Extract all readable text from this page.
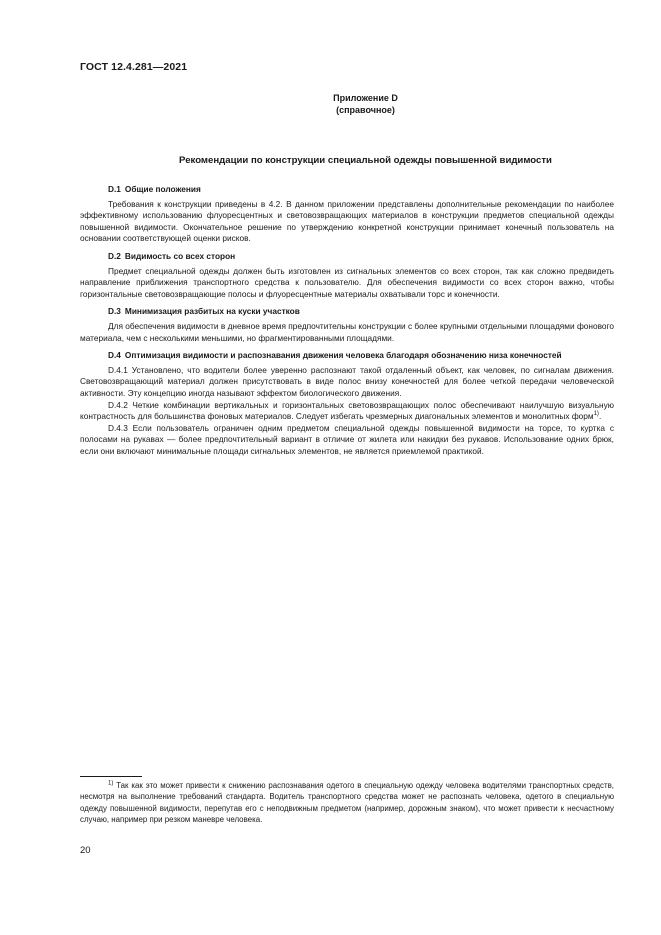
ГОСТ 12.4.281—2021
Приложение D
(справочное)
Рекомендации по конструкции специальной одежды повышенной видимости
D.1 Общие положения

Требования к конструкции приведены в 4.2. В данном приложении представлены дополнительные рекомендации по наиболее эффективному использованию флуоресцентных и световозвращающих материалов в конструкции предметов специальной одежды повышенной видимости. Окончательное решение по утверждению конкретной конструкции принимает конечный пользователь на основании соответствующей оценки рисков.

D.2 Видимость со всех сторон

Предмет специальной одежды должен быть изготовлен из сигнальных элементов со всех сторон, так как сложно предвидеть направление приближения транспортного средства к пользователю. Для обеспечения видимости со всех сторон важно, чтобы горизонтальные световозвращающие полосы и флуоресцентные материалы охватывали торс и конечности.

D.3 Минимизация разбитых на куски участков

Для обеспечения видимости в дневное время предпочтительны конструкции с более крупными отдельными площадями фонового материала, чем с несколькими меньшими, но фрагментированными площадями.

D.4 Оптимизация видимости и распознавания движения человека благодаря обозначению низа конечностей

D.4.1 Установлено, что водители более уверенно распознают такой отдаленный объект, как человек, по сигналам движения. Световозвращающий материал должен присутствовать в виде полос внизу конечностей для более четкой передачи человеческой активности. Эту концепцию иногда называют эффектом биологического движения.

D.4.2 Четкие комбинации вертикальных и горизонтальных световозвращающих полос обеспечивают наилучшую визуальную контрастность для большинства фоновых материалов. Следует избегать чрезмерных диагональных элементов и монолитных форм$^{1)}$.

D.4.3 Если пользователь ограничен одним предметом специальной одежды повышенной видимости на торсе, то куртка с полосами на рукавах — более предпочтительный вариант в отличие от жилета или накидки без рукавов. Использование одних брюк, если они включают минимальные площади сигнальных элементов, не является приемлемой практикой.

$^{1)}$ Так как это может привести к снижению распознавания одетого в специальную одежду человека водителями транспортных средств, несмотря на выполнение требований стандарта. Водитель транспортного средства может не распознать человека, одетого в специальную одежду повышенной видимости, перепутав его с неподвижным предметом (например, дорожным знаком), что может привести к несчастному случаю, например при резком маневре человека.
20
